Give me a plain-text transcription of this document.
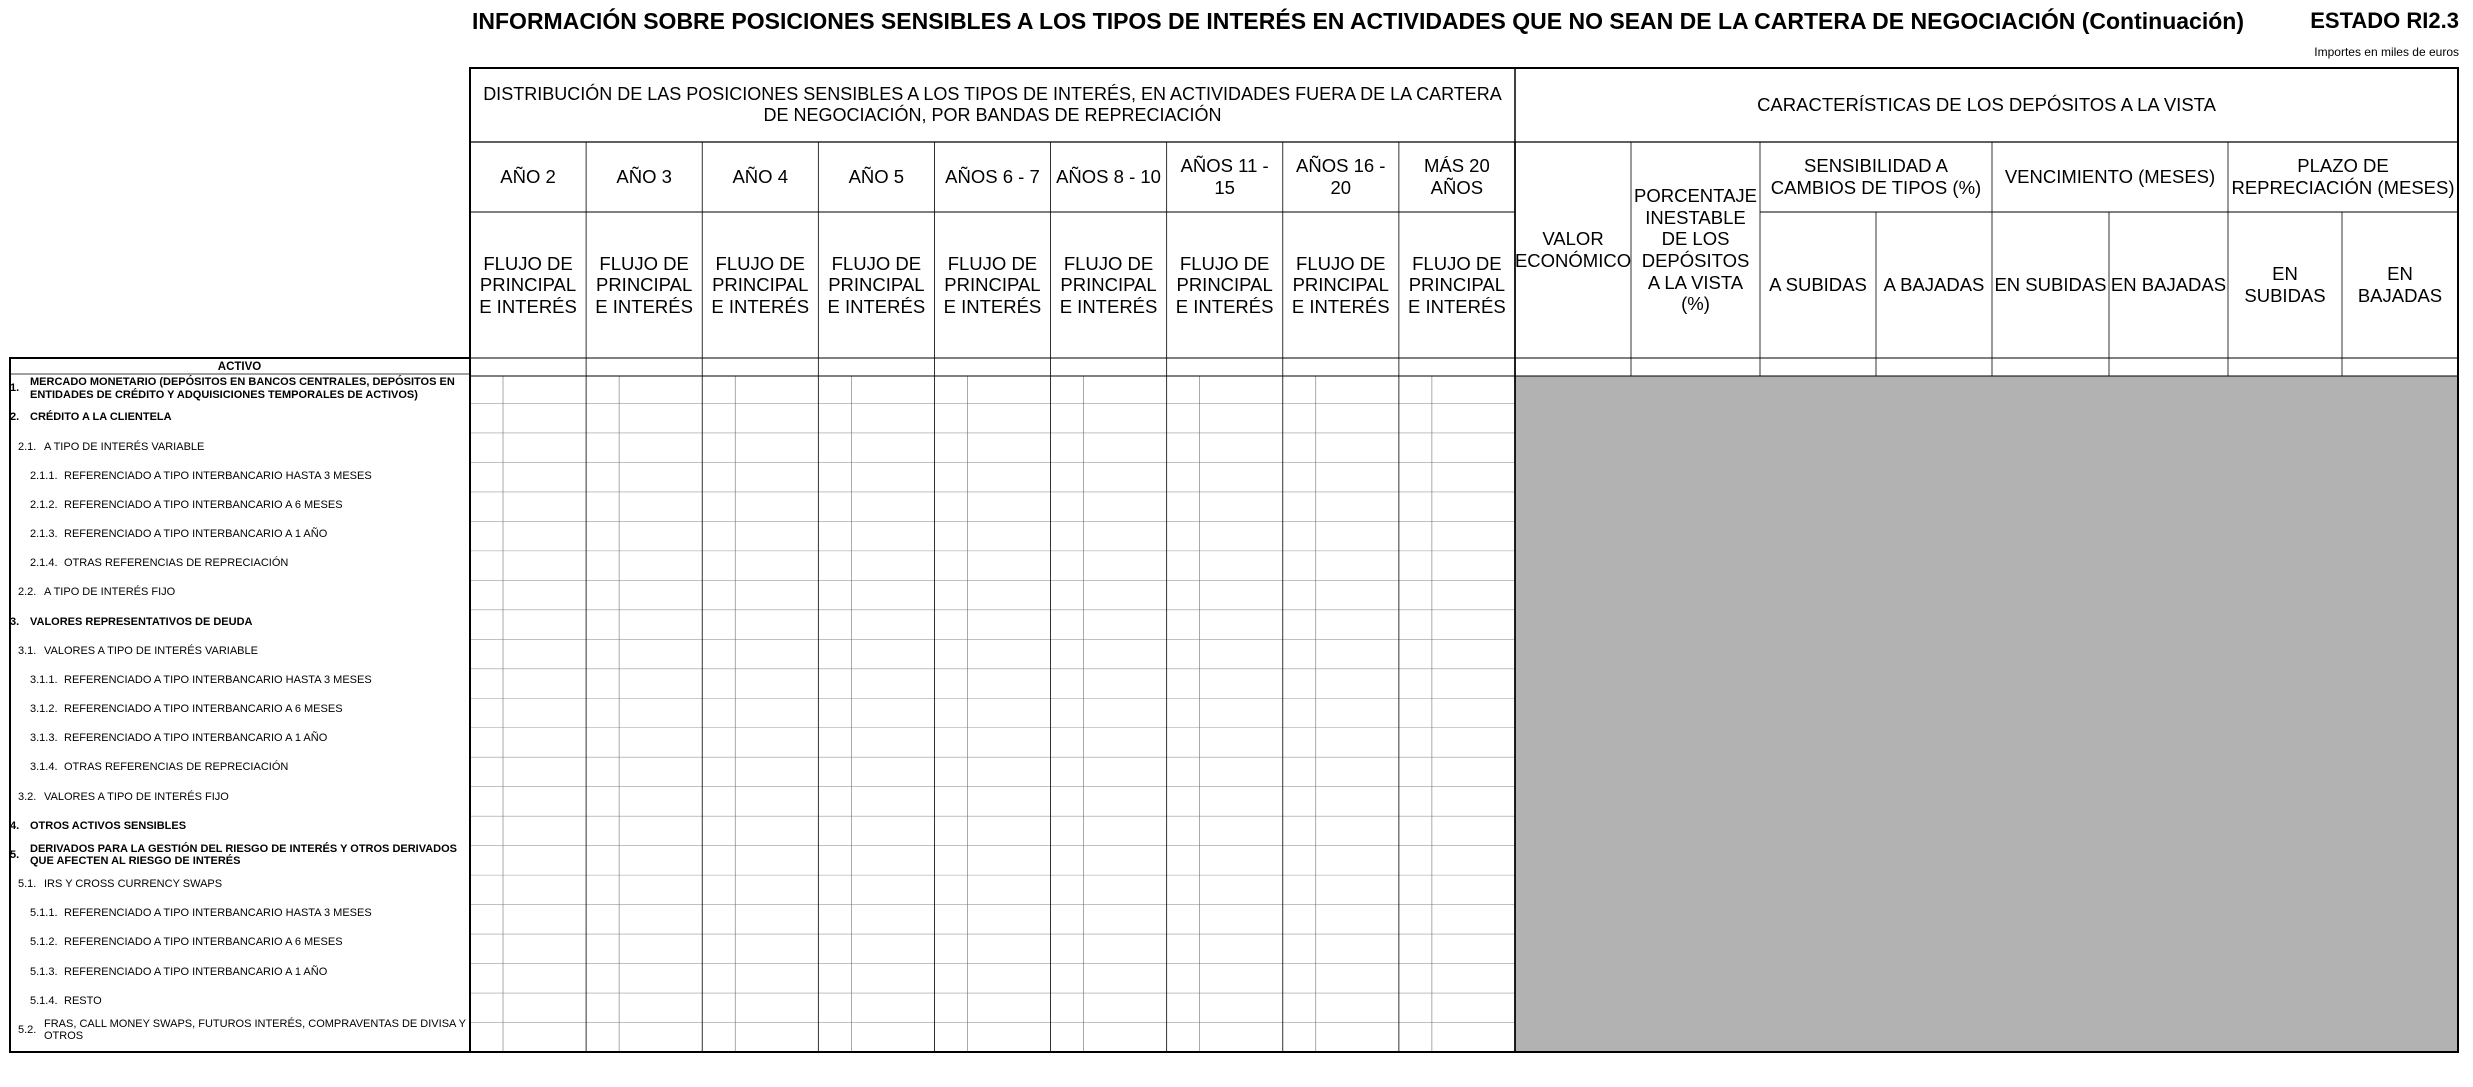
INFORMACIÓN SOBRE POSICIONES SENSIBLES A LOS TIPOS DE INTERÉS EN ACTIVIDADES QUE NO SEAN DE LA CARTERA DE NEGOCIACIÓN (Continuación)	ESTADO RI2.3
Importes en miles de euros
DISTRIBUCIÓN DE LAS POSICIONES SENSIBLES A LOS TIPOS DE INTERÉS, EN ACTIVIDADES FUERA DE LA CARTERA DE NEGOCIACIÓN, POR BANDAS DE REPRECIACIÓN	CARACTERÍSTICAS DE LOS DEPÓSITOS A LA VISTA
AÑO 2
FLUJO DE PRINCIPAL E INTERÉS
AÑO 3
FLUJO DE PRINCIPAL E INTERÉS
AÑO 4
FLUJO DE PRINCIPAL E INTERÉS
AÑO 5
FLUJO DE PRINCIPAL E INTERÉS
AÑOS 6 - 7
FLUJO DE PRINCIPAL E INTERÉS
AÑOS 8 - 10
FLUJO DE PRINCIPAL E INTERÉS
AÑOS 11 - 15
FLUJO DE PRINCIPAL E INTERÉS
AÑOS 16 - 20
FLUJO DE PRINCIPAL E INTERÉS
MÁS 20 AÑOS
FLUJO DE PRINCIPAL E INTERÉS
VALOR ECONÓMICO
PORCENTAJE INESTABLE DE LOS DEPÓSITOS A LA VISTA (%)
SENSIBILIDAD A CAMBIOS DE TIPOS (%)
VENCIMIENTO (MESES)
PLAZO DE REPRECIACIÓN (MESES)
A SUBIDAS A BAJADAS EN SUBIDAS EN BAJADAS
EN SUBIDAS
EN BAJADAS
ACTIVO
1.
MERCADO MONETARIO (DEPÓSITOS EN BANCOS CENTRALES, DEPÓSITOS EN ENTIDADES DE CRÉDITO Y ADQUISICIONES TEMPORALES DE ACTIVOS)
2. CRÉDITO A LA CLIENTELA
2.1. A TIPO DE INTERÉS VARIABLE
2.1.1. REFERENCIADO A TIPO INTERBANCARIO HASTA 3 MESES
2.1.2. REFERENCIADO A TIPO INTERBANCARIO A 6 MESES
2.1.3. REFERENCIADO A TIPO INTERBANCARIO A 1 AÑO
2.1.4. OTRAS REFERENCIAS DE REPRECIACIÓN
2.2. A TIPO DE INTERÉS FIJO
3. VALORES REPRESENTATIVOS DE DEUDA
3.1. VALORES A TIPO DE INTERÉS VARIABLE
3.1.1. REFERENCIADO A TIPO INTERBANCARIO HASTA 3 MESES
3.1.2. REFERENCIADO A TIPO INTERBANCARIO A 6 MESES
3.1.3. REFERENCIADO A TIPO INTERBANCARIO A 1 AÑO
3.1.4. OTRAS REFERENCIAS DE REPRECIACIÓN
3.2. VALORES A TIPO DE INTERÉS FIJO
4. OTROS ACTIVOS SENSIBLES
5.
DERIVADOS PARA LA GESTIÓN DEL RIESGO DE INTERÉS Y OTROS DERIVADOS QUE AFECTEN AL RIESGO DE INTERÉS
5.1. IRS Y CROSS CURRENCY SWAPS
5.1.1. REFERENCIADO A TIPO INTERBANCARIO HASTA 3 MESES
5.1.2. REFERENCIADO A TIPO INTERBANCARIO A 6 MESES
5.1.3. REFERENCIADO A TIPO INTERBANCARIO A 1 AÑO
5.1.4. RESTO
5.2.
FRAS, CALL MONEY SWAPS, FUTUROS INTERÉS, COMPRAVENTAS DE DIVISA Y OTROS
